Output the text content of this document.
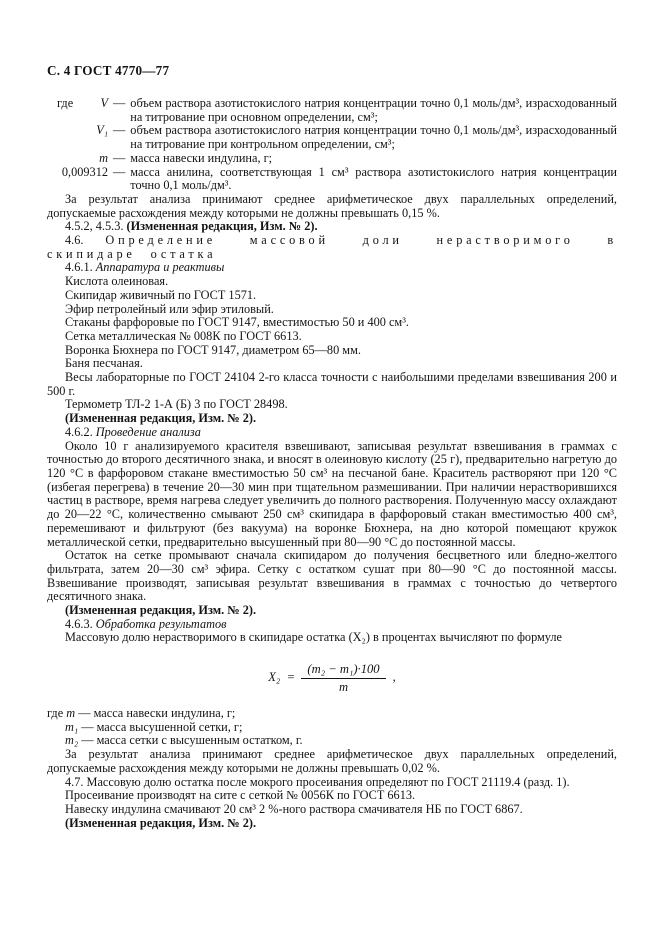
С. 4 ГОСТ 4770—77
где	V — объем раствора азотистокислого натрия концентрации точно 0,1 моль/дм³, израсходованный на титрование при основном определении, см³;
V₁ — объем раствора азотистокислого натрия концентрации точно 0,1 моль/дм³, израсходованный на титрование при контрольном определении, см³;
m — масса навески индулина, г;
0,009312 — масса анилина, соответствующая 1 см³ раствора азотистокислого натрия концентрации точно 0,1 моль/дм³.

За результат анализа принимают среднее арифметическое двух параллельных определений, допускаемые расхождения между которыми не должны превышать 0,15 %.

4.5.2, 4.5.3. (Измененная редакция, Изм. № 2).

4.6. Определение массовой доли нерастворимого в скипидаре остатка

4.6.1. Аппаратура и реактивы

Кислота олеиновая.

Скипидар живичный по ГОСТ 1571.

Эфир петролейный или эфир этиловый.

Стаканы фарфоровые по ГОСТ 9147, вместимостью 50 и 400 см³.

Сетка металлическая № 008К по ГОСТ 6613.

Воронка Бюхнера по ГОСТ 9147, диаметром 65—80 мм.

Баня песчаная.

Весы лабораторные по ГОСТ 24104 2-го класса точности с наибольшими пределами взвешивания 200 и 500 г.

Термометр ТЛ-2 1-А (Б) 3 по ГОСТ 28498.

(Измененная редакция, Изм. № 2).

4.6.2. Проведение анализа

Около 10 г анализируемого красителя взвешивают, записывая результат взвешивания в граммах с точностью до второго десятичного знака, и вносят в олеиновую кислоту (25 г), предварительно нагретую до 120 °С в фарфоровом стакане вместимостью 50 см³ на песчаной бане. Краситель растворяют при 120 °С (избегая перегрева) в течение 20—30 мин при тщательном размешивании. При наличии нерастворившихся частиц в растворе, время нагрева следует увеличить до полного растворения. Полученную массу охлаждают до 20—22 °С, количественно смывают 250 см³ скипидара в фарфоровый стакан вместимостью 400 см³, перемешивают и фильтруют (без вакуума) на воронке Бюхнера, на дно которой помещают кружок металлической сетки, предварительно высушенный при 80—90 °С до постоянной массы.

Остаток на сетке промывают сначала скипидаром до получения бесцветного или бледно-желтого фильтрата, затем 20—30 см³ эфира. Сетку с остатком сушат при 80—90 °С до постоянной массы. Взвешивание производят, записывая результат взвешивания в граммах с точностью до четвертого десятичного знака.

(Измененная редакция, Изм. № 2).

4.6.3. Обработка результатов

Массовую долю нерастворимого в скипидаре остатка (X₂) в процентах вычисляют по формуле

$X_2 = \frac{\text{(m₂ − m₁)·100}}{m}$ ,
где m — масса навески индулина, г;
m₁ — масса высушенной сетки, г;
m₂ — масса сетки с высушенным остатком, г.

За результат анализа принимают среднее арифметическое двух параллельных определений, допускаемые расхождения между которыми не должны превышать 0,02 %.

4.7. Массовую долю остатка после мокрого просеивания определяют по ГОСТ 21119.4 (разд. 1).

Просеивание производят на сите с сеткой № 0056К по ГОСТ 6613.

Навеску индулина смачивают 20 см³ 2 %-ного раствора смачивателя НБ по ГОСТ 6867.

(Измененная редакция, Изм. № 2).
